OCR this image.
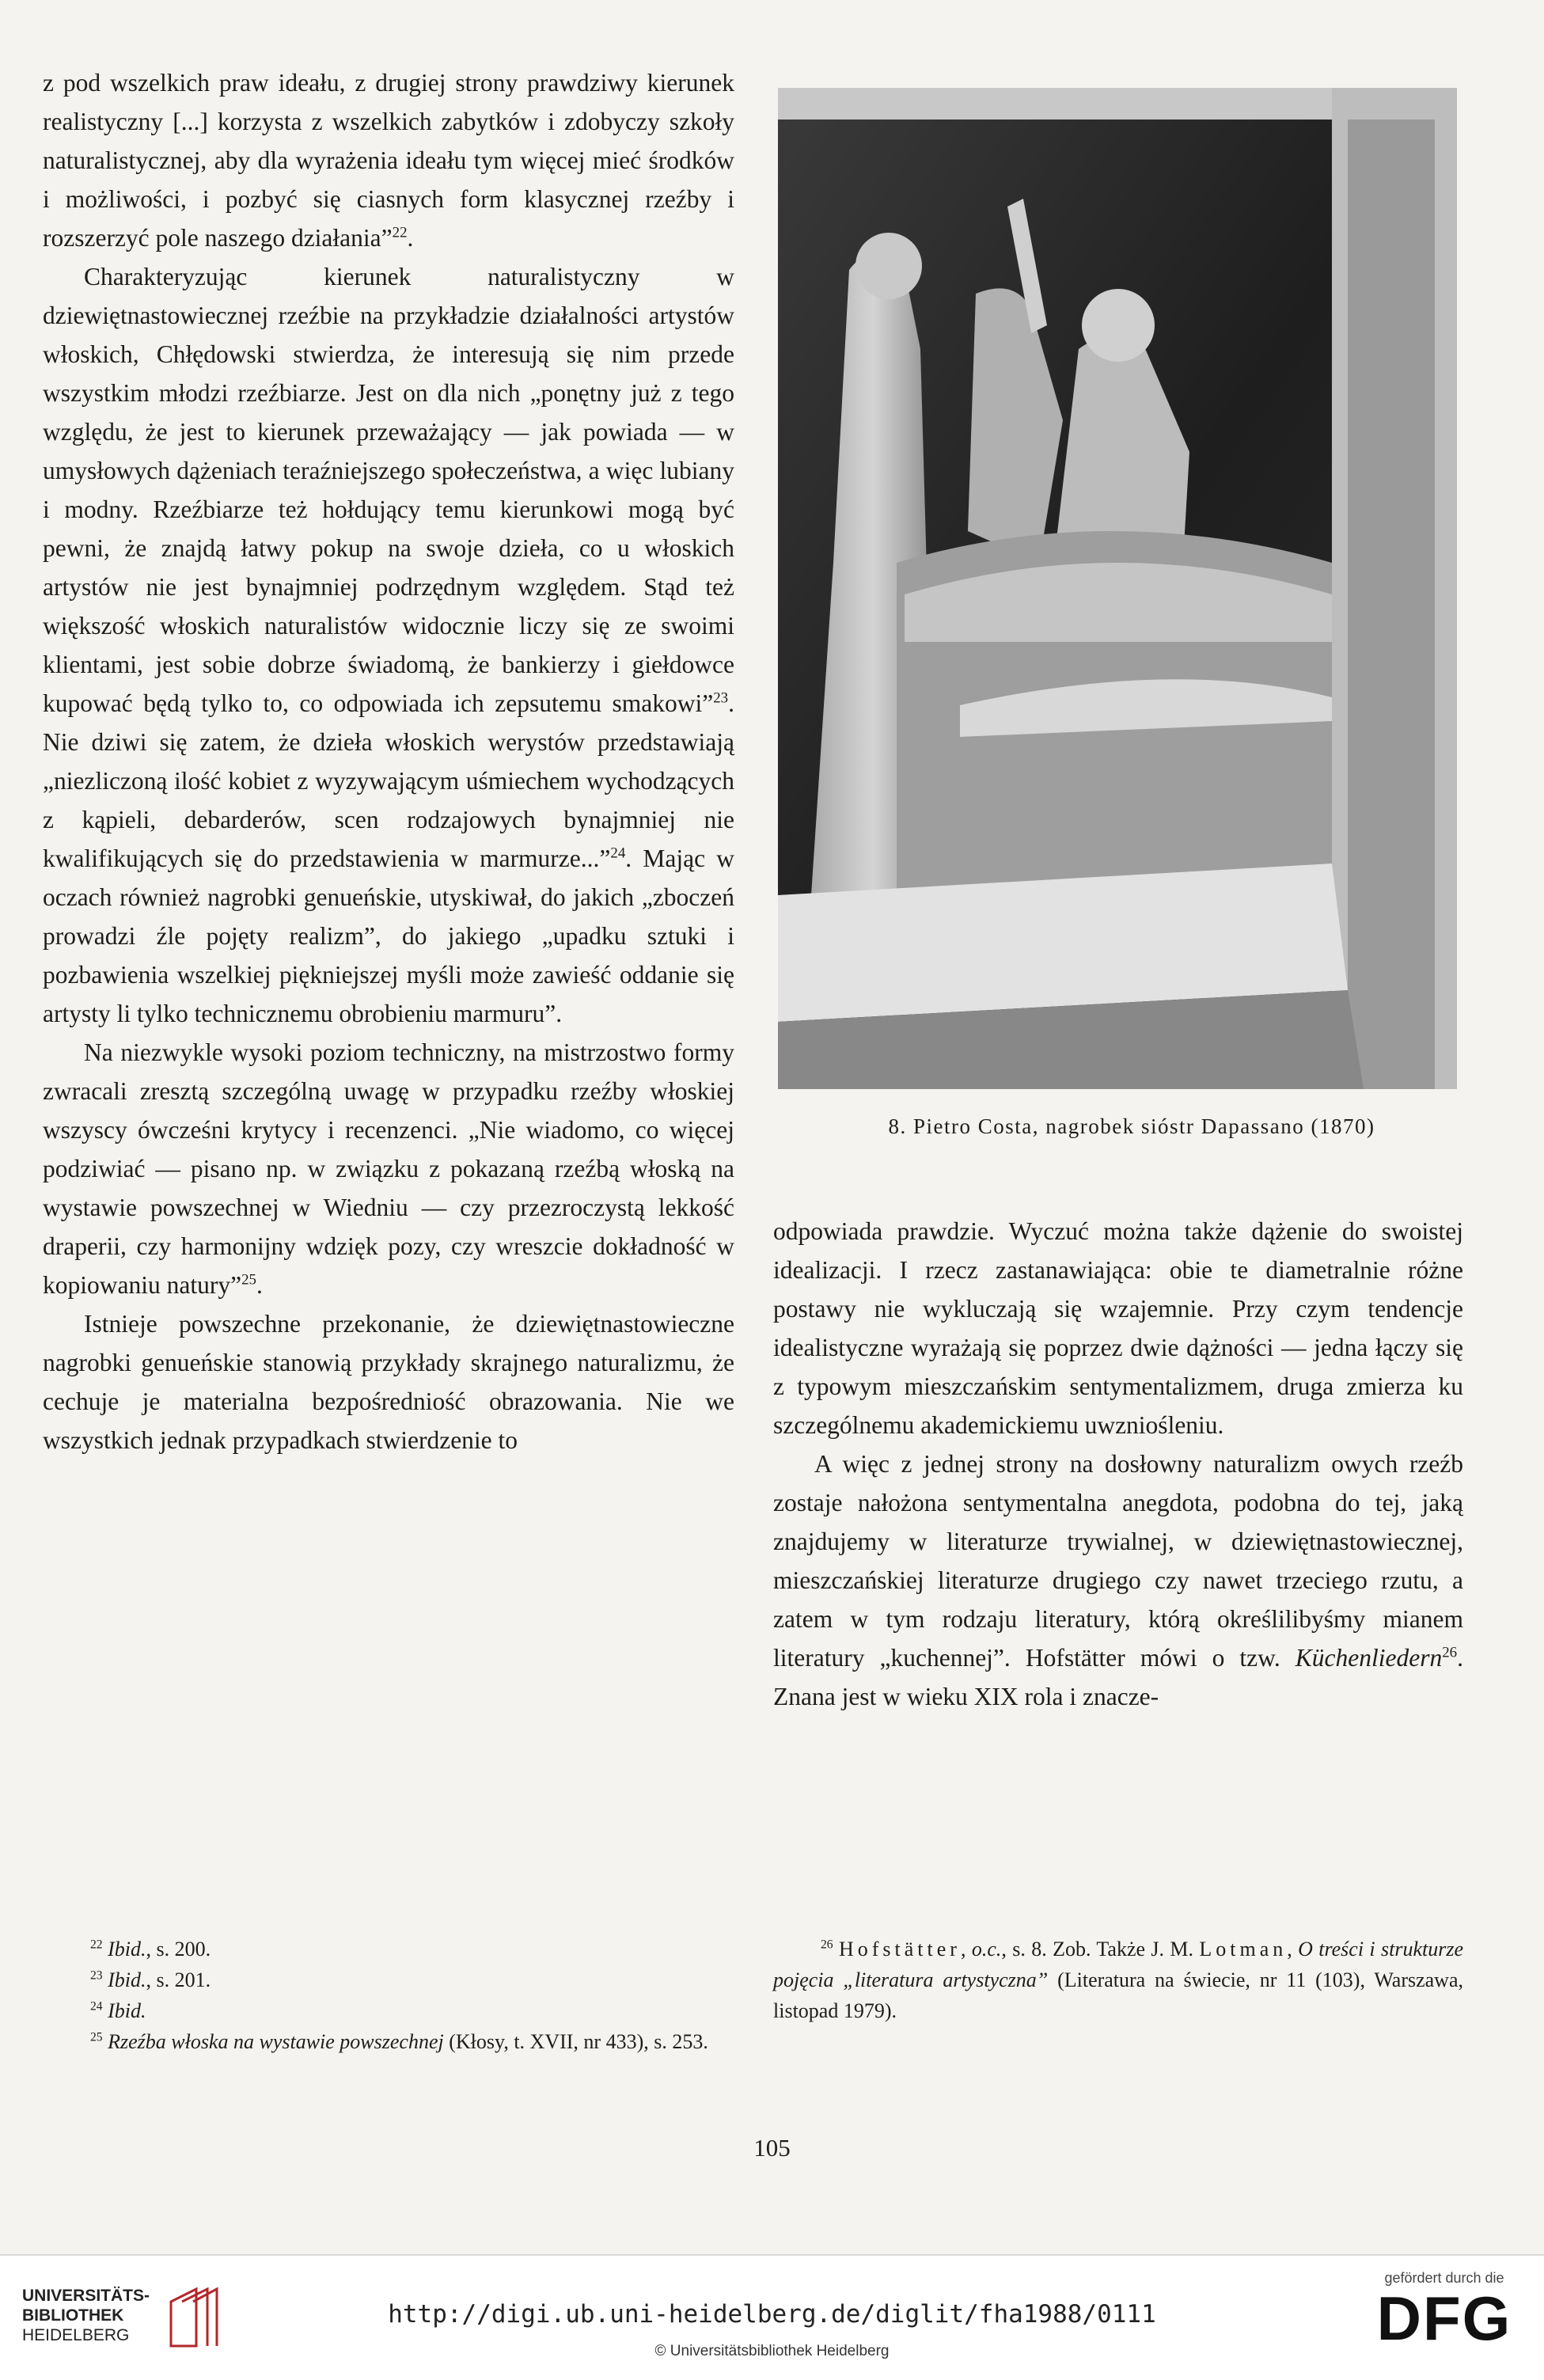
z pod wszelkich praw ideału, z drugiej strony prawdziwy kierunek realistyczny [...] korzysta z wszelkich zabytków i zdobyczy szkoły naturalistycznej, aby dla wyrażenia ideału tym więcej mieć środków i możliwości, i pozbyć się ciasnych form klasycznej rzeźby i rozszerzyć pole naszego działania”$^{22}$.

Charakteryzując kierunek naturalistyczny w dziewiętnastowiecznej rzeźbie na przykładzie działalności artystów włoskich, Chłędowski stwierdza, że interesują się nim przede wszystkim młodzi rzeźbiarze. Jest on dla nich „ponętny już z tego względu, że jest to kierunek przeważający — jak powiada — w umysłowych dążeniach teraźniejszego społeczeństwa, a więc lubiany i modny. Rzeźbiarze też hołdujący temu kierunkowi mogą być pewni, że znajdą łatwy pokup na swoje dzieła, co u włoskich artystów nie jest bynajmniej podrzędnym względem. Stąd też większość włoskich naturalistów widocznie liczy się ze swoimi klientami, jest sobie dobrze świadomą, że bankierzy i giełdowce kupować będą tylko to, co odpowiada ich zepsutemu smakowi”$^{23}$. Nie dziwi się zatem, że dzieła włoskich werystów przedstawiają „niezliczoną ilość kobiet z wyzywającym uśmiechem wychodzących z kąpieli, debarderów, scen rodzajowych bynajmniej nie kwalifikujących się do przedstawienia w marmurze...”$^{24}$. Mając w oczach również nagrobki genueńskie, utyskiwał, do jakich „zboczeń prowadzi źle pojęty realizm”, do jakiego „upadku sztuki i pozbawienia wszelkiej piękniejszej myśli może zawieść oddanie się artysty li tylko technicznemu obrobieniu marmuru”.

Na niezwykle wysoki poziom techniczny, na mistrzostwo formy zwracali zresztą szczególną uwagę w przypadku rzeźby włoskiej wszyscy ówcześni krytycy i recenzenci. „Nie wiadomo, co więcej podziwiać — pisano np. w związku z pokazaną rzeźbą włoską na wystawie powszechnej w Wiedniu — czy przezroczystą lekkość draperii, czy harmonijny wdzięk pozy, czy wreszcie dokładność w kopiowaniu natury”$^{25}$.

Istnieje powszechne przekonanie, że dziewiętnastowieczne nagrobki genueńskie stanowią przykłady skrajnego naturalizmu, że cechuje je materialna bezpośredniość obrazowania. Nie we wszystkich jednak przypadkach stwierdzenie to

8. Pietro Costa, nagrobek sióstr Dapassano (1870)

odpowiada prawdzie. Wyczuć można także dążenie do swoistej idealizacji. I rzecz zastanawiająca: obie te diametralnie różne postawy nie wykluczają się wzajemnie. Przy czym tendencje idealistyczne wyrażają się poprzez dwie dążności — jedna łączy się z typowym mieszczańskim sentymentalizmem, druga zmierza ku szczególnemu akademickiemu uwzniośleniu.

A więc z jednej strony na dosłowny naturalizm owych rzeźb zostaje nałożona sentymentalna anegdota, podobna do tej, jaką znajdujemy w literaturze trywialnej, w dziewiętnastowiecznej, mieszczańskiej literaturze drugiego czy nawet trzeciego rzutu, a zatem w tym rodzaju literatury, którą określilibyśmy mianem literatury „kuchennej”. Hofstätter mówi o tzw. Küchenliedern$^{26}$. Znana jest w wieku XIX rola i znacze-

$^{22}$ Ibid., s. 200.
$^{23}$ Ibid., s. 201.
$^{24}$ Ibid.
$^{25}$ Rzeźba włoska na wystawie powszechnej (Kłosy, t. XVII, nr 433), s. 253.
$^{26}$ Hofstätter, o.c., s. 8. Zob. Także J. M. Lotman, O treści i strukturze pojęcia „literatura artystyczna” (Literatura na świecie, nr 11 (103), Warszawa, listopad 1979).
105
UNIVERSITÄTS-
BIBLIOTHEK
HEIDELBERG
http://digi.ub.uni-heidelberg.de/diglit/fha1988/0111
© Universitätsbibliothek Heidelberg
gefördert durch die
DFG
